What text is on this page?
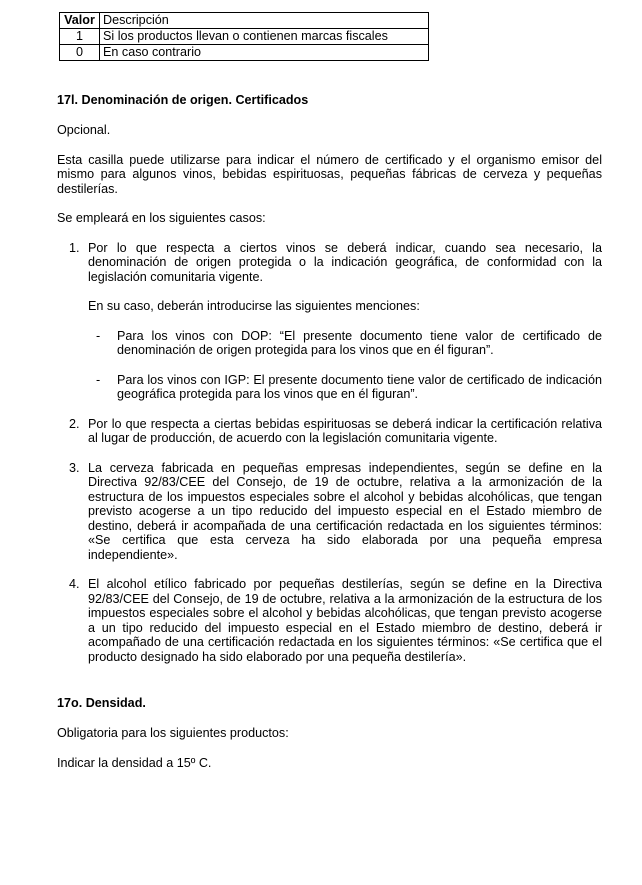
Valor	Descripción
1	Si los productos llevan o contienen marcas fiscales
0	En caso contrario
17l. Denominación de origen. Certificados

Opcional.

Esta casilla puede utilizarse para indicar el número de certificado y el organismo emisor del mismo para algunos vinos, bebidas espirituosas, pequeñas fábricas de cerveza y pequeñas destilerías.

Se empleará en los siguientes casos:

1. Por lo que respecta a ciertos vinos se deberá indicar, cuando sea necesario, la denominación de origen protegida o la indicación geográfica, de conformidad con la legislación comunitaria vigente.

En su caso, deberán introducirse las siguientes menciones:

- Para los vinos con DOP: “El presente documento tiene valor de certificado de denominación de origen protegida para los vinos que en él figuran”.

- Para los vinos con IGP: El presente documento tiene valor de certificado de indicación geográfica protegida para los vinos que en él figuran”.

2. Por lo que respecta a ciertas bebidas espirituosas se deberá indicar la certificación relativa al lugar de producción, de acuerdo con la legislación comunitaria vigente.

3. La cerveza fabricada en pequeñas empresas independientes, según se define en la Directiva 92/83/CEE del Consejo, de 19 de octubre, relativa a la armonización de la estructura de los impuestos especiales sobre el alcohol y bebidas alcohólicas, que tengan previsto acogerse a un tipo reducido del impuesto especial en el Estado miembro de destino, deberá ir acompañada de una certificación redactada en los siguientes términos: «Se certifica que esta cerveza ha sido elaborada por una pequeña empresa independiente».

4. El alcohol etílico fabricado por pequeñas destilerías, según se define en la Directiva 92/83/CEE del Consejo, de 19 de octubre, relativa a la armonización de la estructura de los impuestos especiales sobre el alcohol y bebidas alcohólicas, que tengan previsto acogerse a un tipo reducido del impuesto especial en el Estado miembro de destino, deberá ir acompañado de una certificación redactada en los siguientes términos: «Se certifica que el producto designado ha sido elaborado por una pequeña destilería».

17o. Densidad.

Obligatoria para los siguientes productos:

Indicar la densidad a 15º C.
